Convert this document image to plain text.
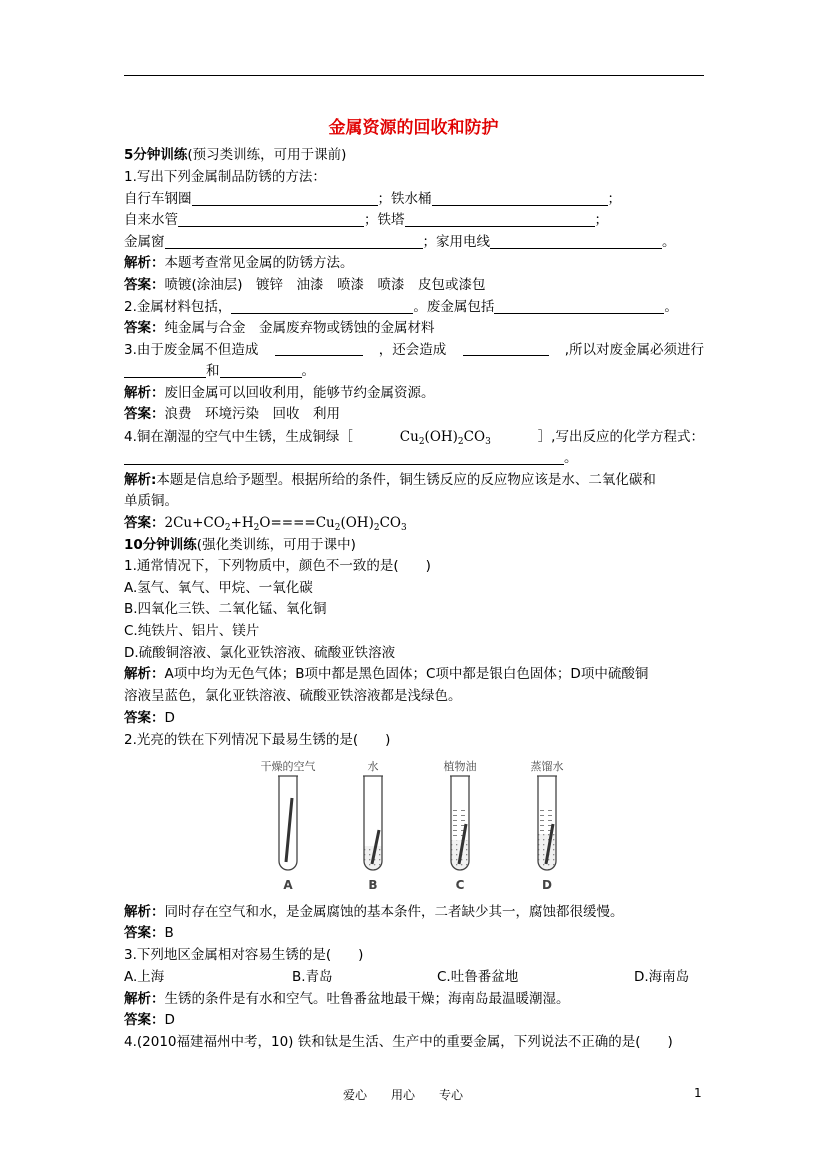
金属资源的回收和防护
5分钟训练(预习类训练，可用于课前)
1.写出下列金属制品防锈的方法：
自行车钢圈	；铁水桶	；
自来水管	；铁塔	；
金属窗	；家用电线	。
解析：本题考查常见金属的防锈方法。
答案：喷镀(涂油层)　镀锌　油漆　喷漆　喷漆　皮包或漆包
2.金属材料包括，	。废金属包括	。
答案：纯金属与合金　金属废弃物或锈蚀的金属材料
3.由于废金属不但造成	，还会造成	,所以对废金属必须进行
和	。
解析：废旧金属可以回收利用，能够节约金属资源。
答案：浪费　环境污染　回收　利用
4.铜在潮湿的空气中生锈，生成铜绿［	$Cu_2(OH)_2CO_3$	］,写出反应的化学方程式：
。
解析:本题是信息给予题型。根据所给的条件，铜生锈反应的反应物应该是水、二氧化碳和
单质铜。
答案：$2Cu+CO_2+H_2O====Cu_2(OH)_2CO_3$
10分钟训练(强化类训练，可用于课中)
1.通常情况下，下列物质中，颜色不一致的是(　　)
A.氢气、氧气、甲烷、一氧化碳
B.四氧化三铁、二氧化锰、氧化铜
C.纯铁片、铝片、镁片
D.硫酸铜溶液、氯化亚铁溶液、硫酸亚铁溶液
解析：A项中均为无色气体；B项中都是黑色固体；C项中都是银白色固体；D项中硫酸铜
溶液呈蓝色，氯化亚铁溶液、硫酸亚铁溶液都是浅绿色。
答案：D
2.光亮的铁在下列情况下最易生锈的是(　　)
干燥的空气	水	植物油	蒸馏水
A	B	C	D
解析：同时存在空气和水，是金属腐蚀的基本条件，二者缺少其一，腐蚀都很缓慢。
答案：B
3.下列地区金属相对容易生锈的是(　　)
A.上海	B.青岛	C.吐鲁番盆地	D.海南岛
解析：生锈的条件是有水和空气。吐鲁番盆地最干燥；海南岛最温暖潮湿。
答案：D
4.(2010福建福州中考，10) 铁和钛是生活、生产中的重要金属，下列说法不正确的是(　　)
爱心　　用心　　专心	1
